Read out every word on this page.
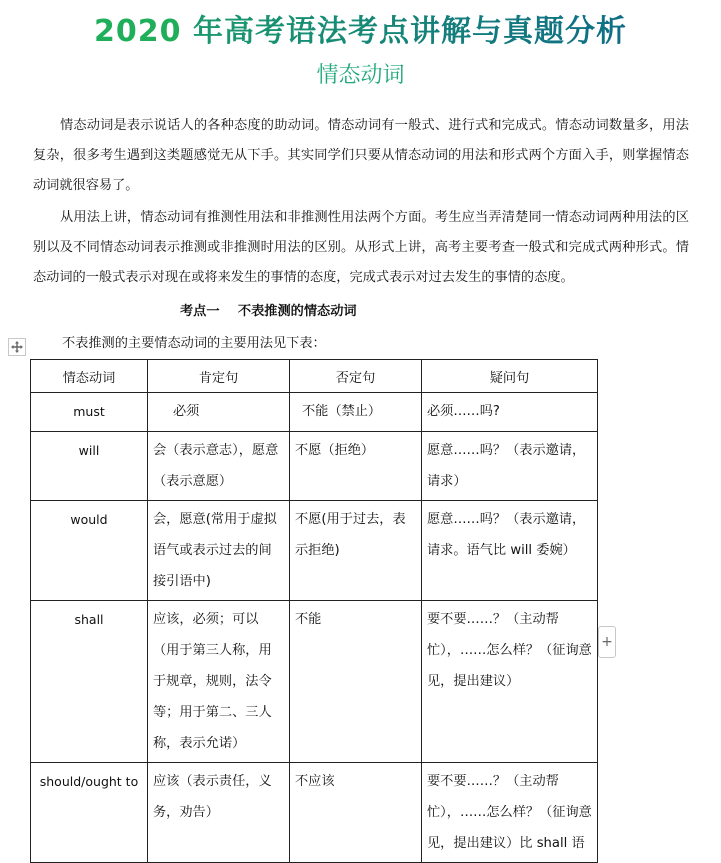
2020 年高考语法考点讲解与真题分析
情态动词
情态动词是表示说话人的各种态度的助动词。情态动词有一般式、进行式和完成式。情态动词数量多，用法复杂，很多考生遇到这类题感觉无从下手。其实同学们只要从情态动词的用法和形式两个方面入手，则掌握情态动词就很容易了。
从用法上讲，情态动词有推测性用法和非推测性用法两个方面。考生应当弄清楚同一情态动词两种用法的区别以及不同情态动词表示推测或非推测时用法的区别。从形式上讲，高考主要考查一般式和完成式两种形式。情态动词的一般式表示对现在或将来发生的事情的态度，完成式表示对过去发生的事情的态度。
考点一    不表推测的情态动词
不表推测的主要情态动词的主要用法见下表：
情态动词	肯定句	否定句	疑问句
must	必须	不能（禁止）	必须……吗?
will	会（表示意志），愿意（表示意愿）	不愿（拒绝）	愿意……吗？（表示邀请，请求）
would	会，愿意(常用于虚拟语气或表示过去的间接引语中)	不愿(用于过去，表示拒绝)	愿意……吗？（表示邀请，请求。语气比 will 委婉）
shall	应该，必须；可以（用于第三人称，用于规章，规则，法令等；用于第二、三人称，表示允诺）	不能	要不要……？（主动帮忙），……怎么样？（征询意见，提出建议）
should/ought to	应该（表示责任，义务，劝告）	不应该	要不要……？（主动帮忙），……怎么样？（征询意见，提出建议）比 shall 语
+
